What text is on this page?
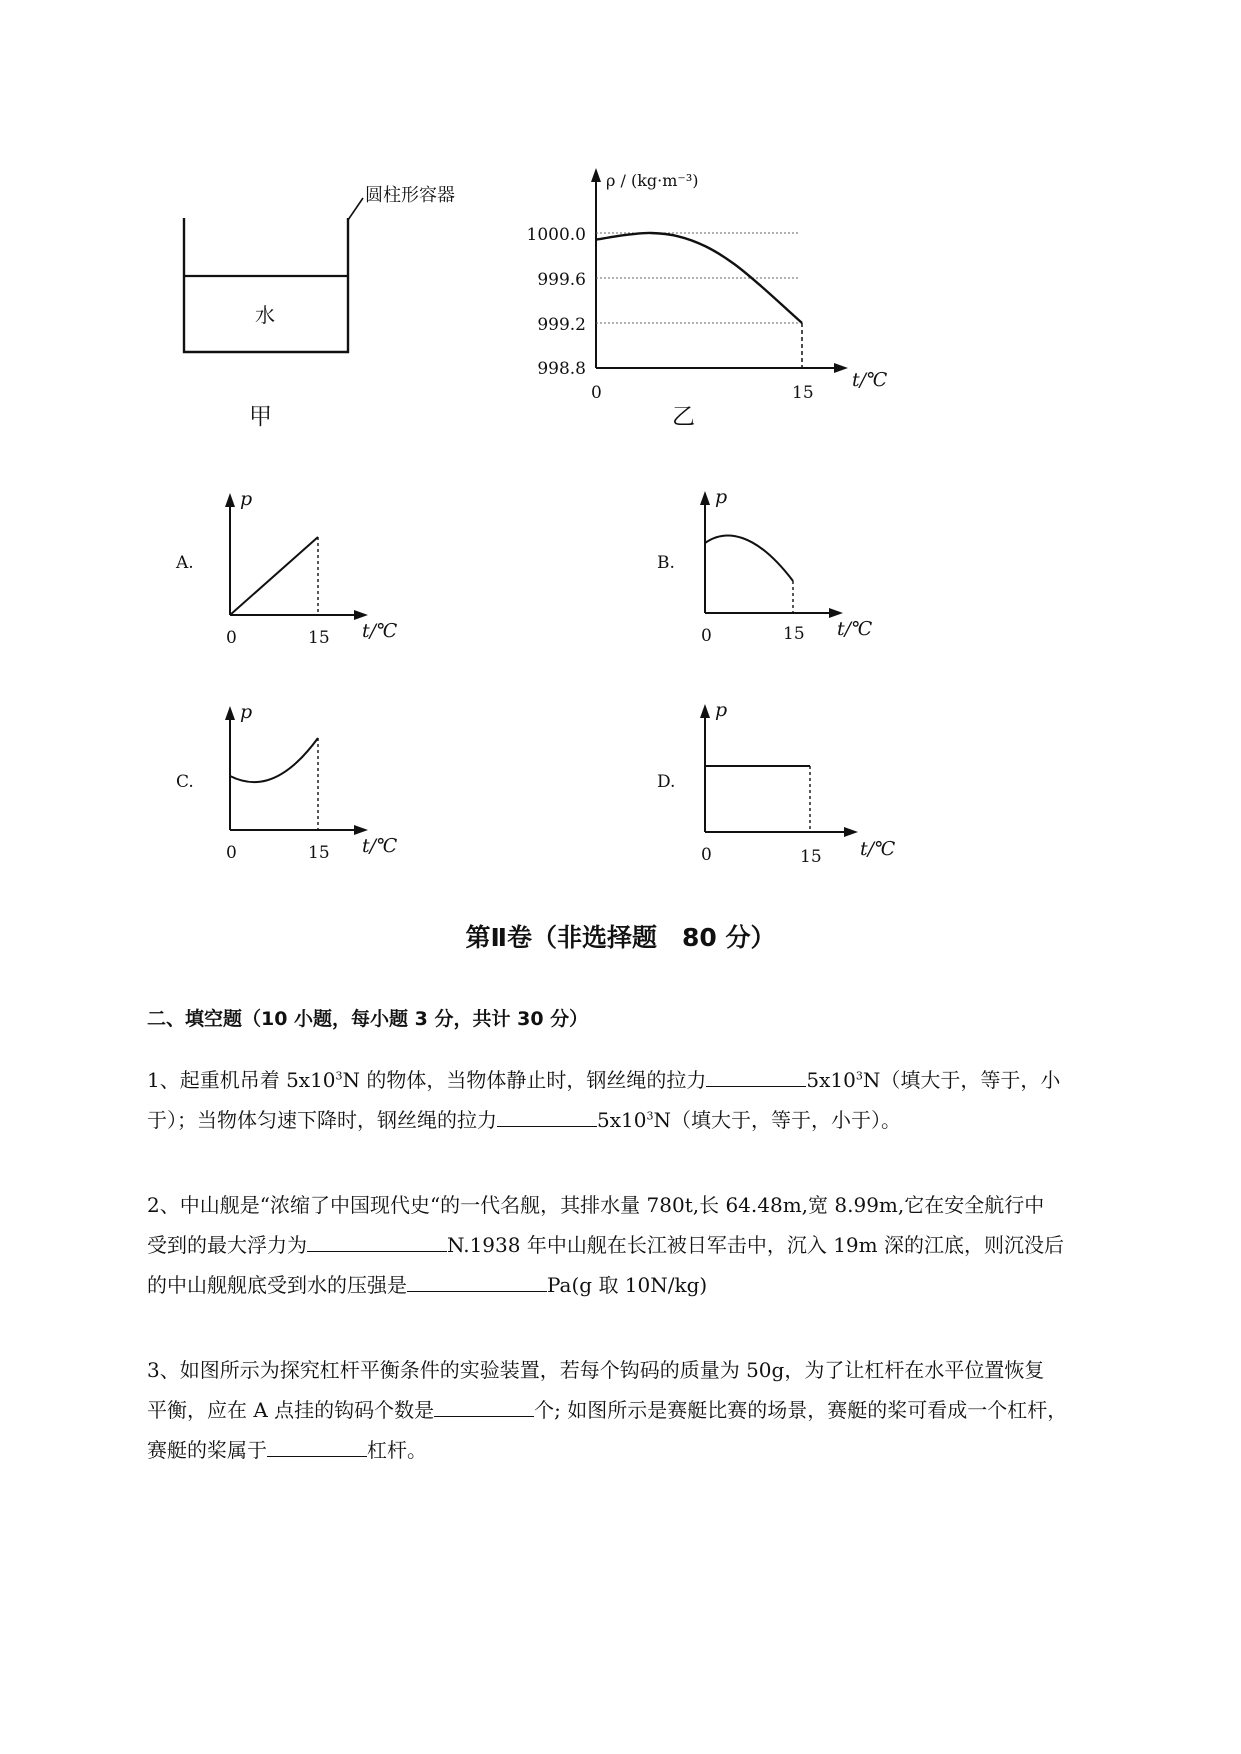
圆柱形容器
水
甲
ρ / (kg·m⁻³)
1000.0
999.6
999.2
998.8
0	15
t/℃
乙
A.
p
0	15 t/℃
B.
p
0	15 t/℃
C.
p
0	15 t/℃
D.
p
0	15 t/℃
第Ⅱ卷（非选择题　80 分）
二、填空题（10 小题，每小题 3 分，共计 30 分）
1、起重机吊着 $5x10^3N$ 的物体，当物体静止时，钢丝绳的拉力	$5x10^3N$（填大于，等于，小
于）；当物体匀速下降时，钢丝绳的拉力	$5x10^3N$（填大于，等于，小于）。
2、中山舰是“浓缩了中国现代史“的一代名舰，其排水量 780t,长 64.48m,宽 8.99m,它在安全航行中
受到的最大浮力为	N.1938 年中山舰在长江被日军击中，沉入 19m 深的江底，则沉没后
的中山舰舰底受到水的压强是	Pa(g 取 10N/kg)
3、如图所示为探究杠杆平衡条件的实验装置，若每个钩码的质量为 50g，为了让杠杆在水平位置恢复
平衡，应在 A 点挂的钩码个数是	个; 如图所示是赛艇比赛的场景，赛艇的桨可看成一个杠杆，
赛艇的桨属于	杠杆。
